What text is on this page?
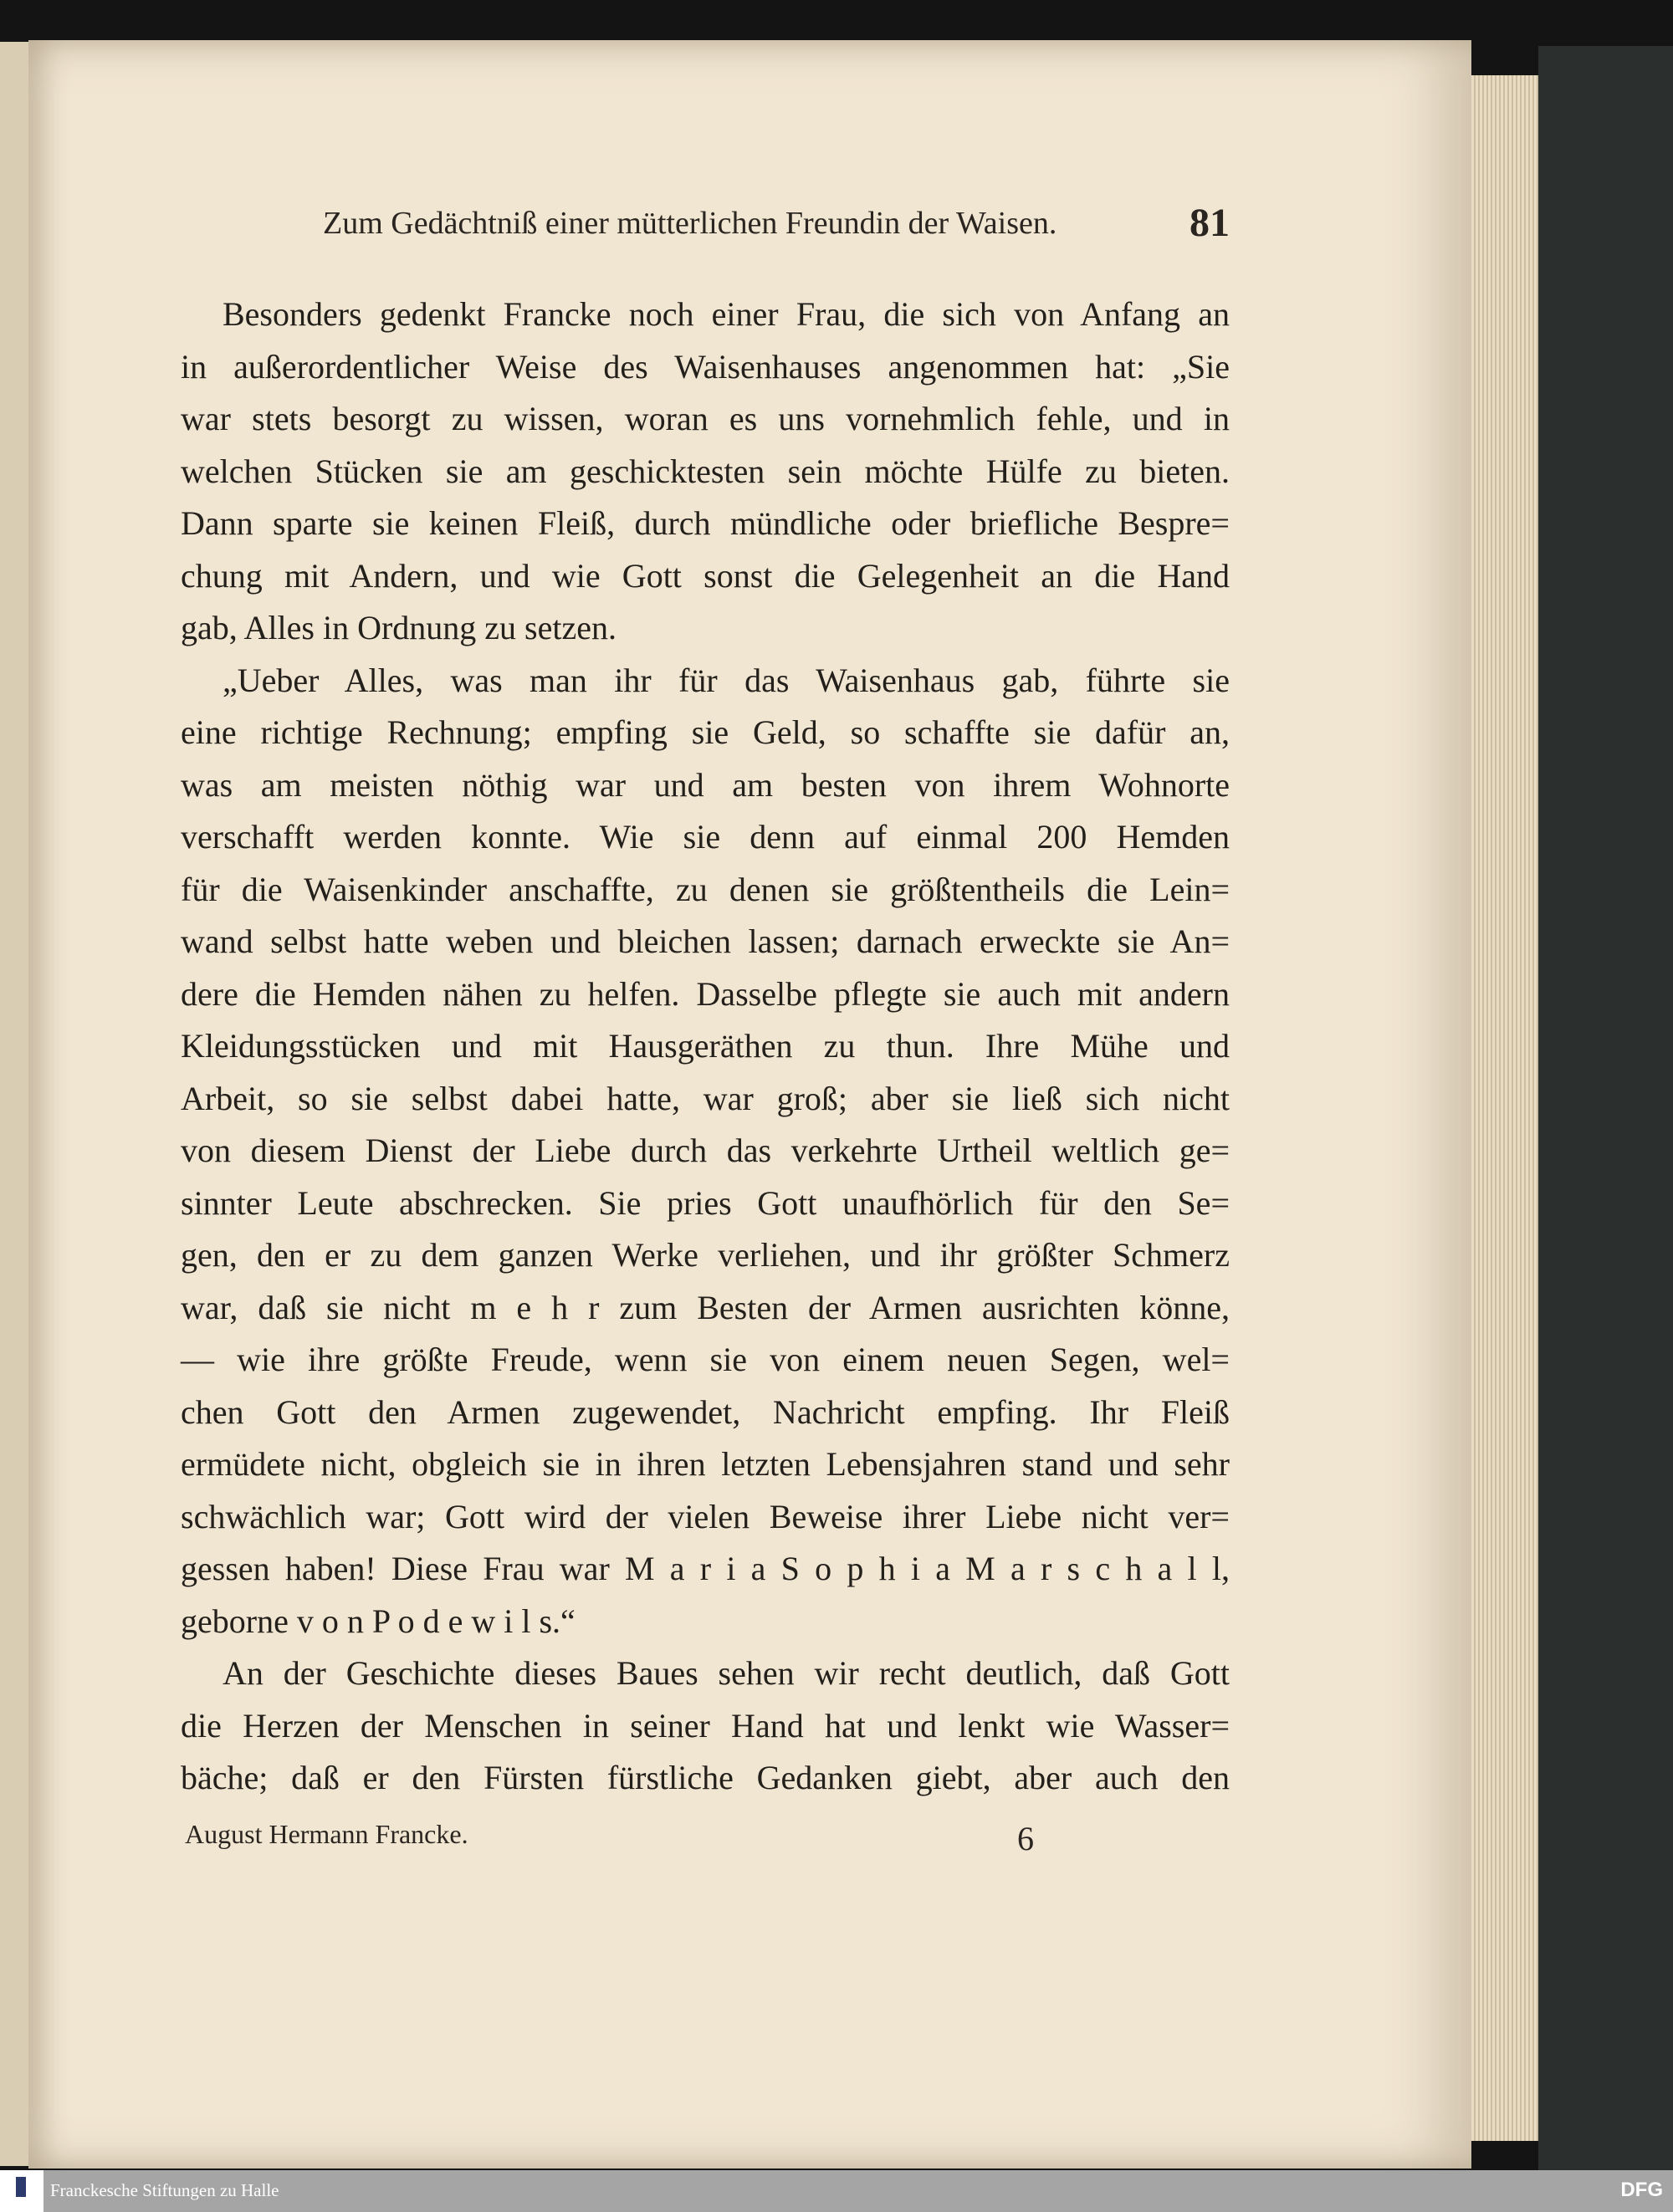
Zum Gedächtniß einer mütterlichen Freundin der Waisen.	81
Besonders gedenkt Francke noch einer Frau, die sich von Anfang an
in außerordentlicher Weise des Waisenhauses angenommen hat: „Sie
war stets besorgt zu wissen, woran es uns vornehmlich fehle, und in
welchen Stücken sie am geschicktesten sein möchte Hülfe zu bieten.
Dann sparte sie keinen Fleiß, durch mündliche oder briefliche Bespre=
chung mit Andern, und wie Gott sonst die Gelegenheit an die Hand
gab, Alles in Ordnung zu setzen.
„Ueber Alles, was man ihr für das Waisenhaus gab, führte sie
eine richtige Rechnung; empfing sie Geld, so schaffte sie dafür an,
was am meisten nöthig war und am besten von ihrem Wohnorte
verschafft werden konnte. Wie sie denn auf einmal 200 Hemden
für die Waisenkinder anschaffte, zu denen sie größtentheils die Lein=
wand selbst hatte weben und bleichen lassen; darnach erweckte sie An=
dere die Hemden nähen zu helfen. Dasselbe pflegte sie auch mit andern
Kleidungsstücken und mit Hausgeräthen zu thun. Ihre Mühe und
Arbeit, so sie selbst dabei hatte, war groß; aber sie ließ sich nicht
von diesem Dienst der Liebe durch das verkehrte Urtheil weltlich ge=
sinnter Leute abschrecken. Sie pries Gott unaufhörlich für den Se=
gen, den er zu dem ganzen Werke verliehen, und ihr größter Schmerz
war, daß sie nicht m e h r zum Besten der Armen ausrichten könne,
— wie ihre größte Freude, wenn sie von einem neuen Segen, wel=
chen Gott den Armen zugewendet, Nachricht empfing. Ihr Fleiß
ermüdete nicht, obgleich sie in ihren letzten Lebensjahren stand und sehr
schwächlich war; Gott wird der vielen Beweise ihrer Liebe nicht ver=
gessen haben! Diese Frau war M a r i a S o p h i a M a r s c h a l l,
geborne v o n P o d e w i l s.“
An der Geschichte dieses Baues sehen wir recht deutlich, daß Gott
die Herzen der Menschen in seiner Hand hat und lenkt wie Wasser=
bäche; daß er den Fürsten fürstliche Gedanken giebt, aber auch den
August Hermann Francke.	6
Franckesche Stiftungen zu Halle	DFG
